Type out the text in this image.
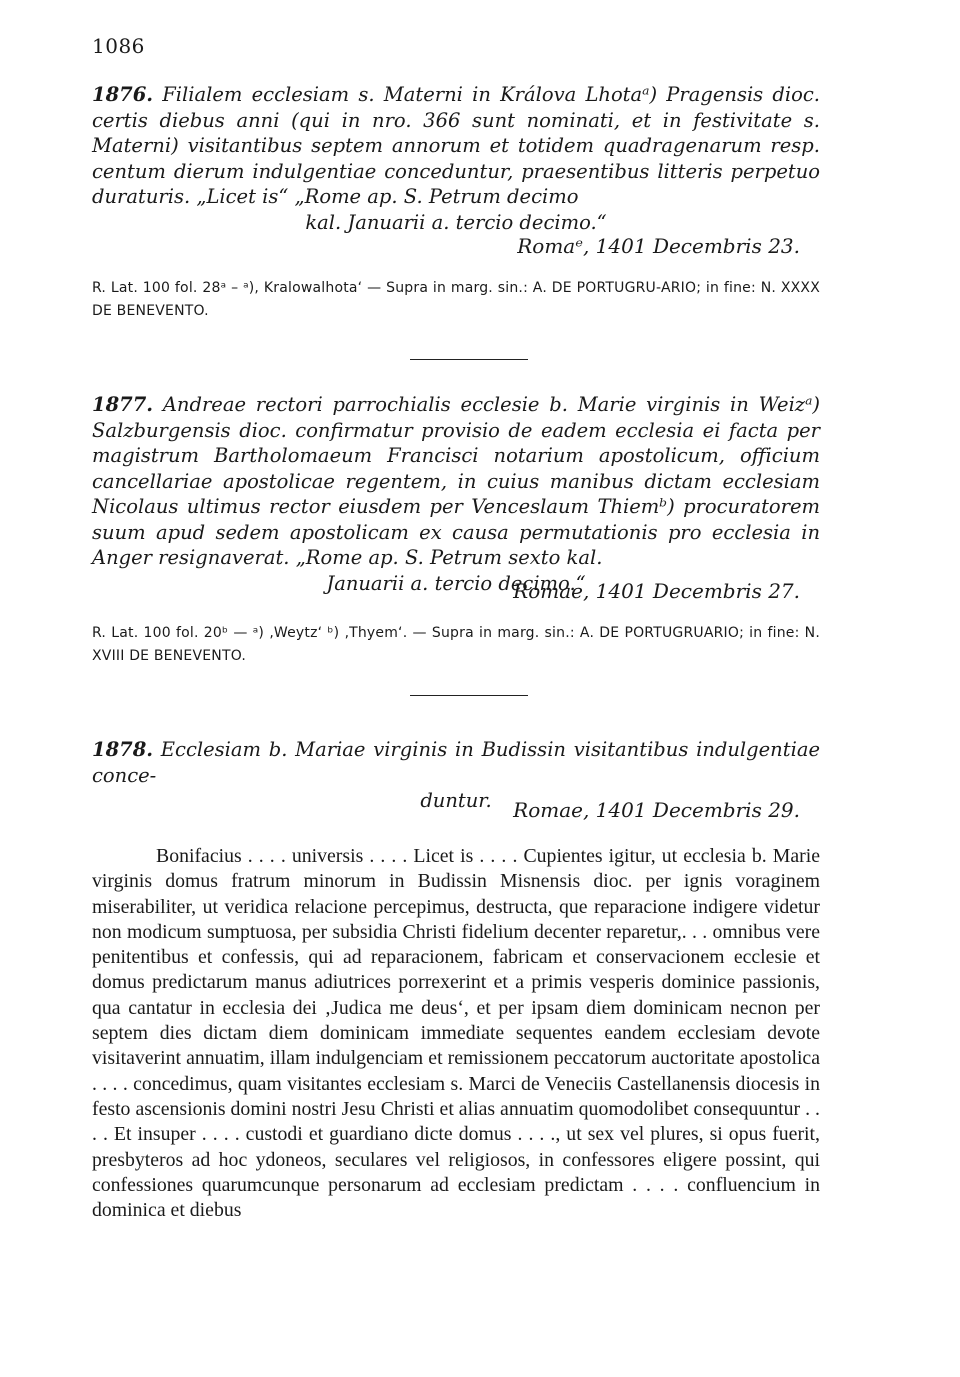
1086
1876. Filialem ecclesiam s. Materni in Králova Lhotaᵃ) Pragensis dioc. certis diebus anni (qui in nro. 366 sunt nominati, et in festivitate s. Materni) visitantibus septem annorum et totidem quadragenarum resp. centum dierum indulgentiae conceduntur, praesentibus litteris perpetuo duraturis. „Licet is“ „Rome ap. S. Petrum decimo
kal. Januarii a. tercio decimo.“
Romaᵉ, 1401 Decembris 23.
R. Lat. 100 fol. 28ᵃ – ᵃ), Kralowalhota‘ — Supra in marg. sin.: A. DE PORTUGRU-ARIO; in fine: N. XXXX DE BENEVENTO.
1877. Andreae rectori parrochialis ecclesie b. Marie virginis in Weizᵃ) Salzburgensis dioc. confirmatur provisio de eadem ecclesia ei facta per magistrum Bartholomaeum Francisci notarium apostolicum, officium cancellariae apostolicae regentem, in cuius manibus dictam ecclesiam Nicolaus ultimus rector eiusdem per Venceslaum Thiemᵇ) procuratorem suum apud sedem apostolicam ex causa permutationis pro ecclesia in Anger resignaverat. „Rome ap. S. Petrum sexto kal.
Januarii a. tercio decimo.“
Romae, 1401 Decembris 27.
R. Lat. 100 fol. 20ᵇ — ᵃ) ‚Weytz‘ ᵇ) ‚Thyem‘. — Supra in marg. sin.: A. DE PORTUGRUARIO; in fine: N. XVIII DE BENEVENTO.
1878. Ecclesiam b. Mariae virginis in Budissin visitantibus indulgentiae conce-
duntur.	Romae, 1401 Decembris 29.

Bonifacius . . . . universis . . . . Licet is . . . . Cupientes igitur, ut ecclesia b. Marie virginis domus fratrum minorum in Budissin Misnensis dioc. per ignis voraginem miserabiliter, ut veridica relacione percepimus, destructa, que reparacione indigere videtur non modicum sumptuosa, per subsidia Christi fidelium decenter reparetur,. . . omnibus vere penitentibus et confessis, qui ad reparacionem, fabricam et conservacionem ecclesie et domus predictarum manus adiutrices porrexerint et a primis vesperis dominice passionis, qua cantatur in ecclesia dei ‚Judica me deus‘, et per ipsam diem dominicam necnon per septem dies dictam diem dominicam immediate sequentes eandem ecclesiam devote visitaverint annuatim, illam indulgenciam et remissionem peccatorum auctoritate apostolica . . . . concedimus, quam visitantes ecclesiam s. Marci de Veneciis Castellanensis diocesis in festo ascensionis domini nostri Jesu Christi et alias annuatim quomodolibet consequuntur . . . . Et insuper . . . . custodi et guardiano dicte domus . . . ., ut sex vel plures, si opus fuerit, presbyteros ad hoc ydoneos, seculares vel religiosos, in confessores eligere possint, qui confessiones quarumcunque personarum ad ecclesiam predictam . . . . confluencium in dominica et diebus
